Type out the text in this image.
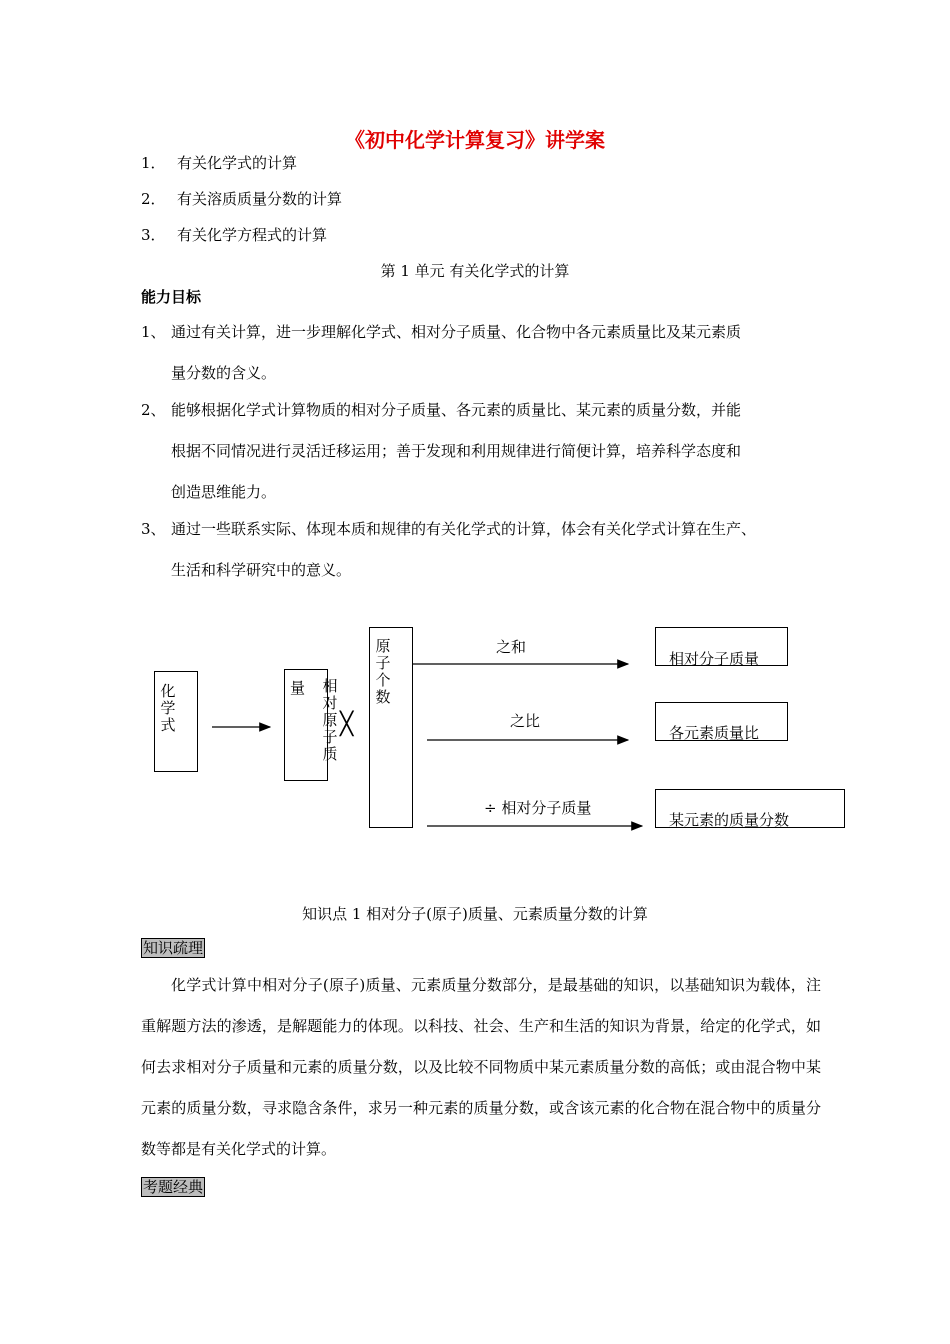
《初中化学计算复习》讲学案
1． 有关化学式的计算
2． 有关溶质质量分数的计算
3． 有关化学方程式的计算
第 1 单元 有关化学式的计算
能力目标
1、 通过有关计算，进一步理解化学式、相对分子质量、化合物中各元素质量比及某元素质
量分数的含义。
2、 能够根据化学式计算物质的相对分子质量、各元素的质量比、某元素的质量分数，并能
根据不同情况进行灵活迁移运用；善于发现和利用规律进行简便计算，培养科学态度和
创造思维能力。
3、 通过一些联系实际、体现本质和规律的有关化学式的计算，体会有关化学式计算在生产、
生活和科学研究中的意义。
化学式
量 相对原子质
╳
原子个数
之和
之比
÷ 相对分子质量
相对分子质量
各元素质量比
某元素的质量分数
知识点 1 相对分子(原子)质量、元素质量分数的计算
知识疏理
化学式计算中相对分子(原子)质量、元素质量分数部分，是最基础的知识，以基础知识为载体，注重解题方法的渗透，是解题能力的体现。以科技、社会、生产和生活的知识为背景，给定的化学式，如何去求相对分子质量和元素的质量分数，以及比较不同物质中某元素质量分数的高低；或由混合物中某元素的质量分数，寻求隐含条件，求另一种元素的质量分数，或含该元素的化合物在混合物中的质量分数等都是有关化学式的计算。
考题经典
